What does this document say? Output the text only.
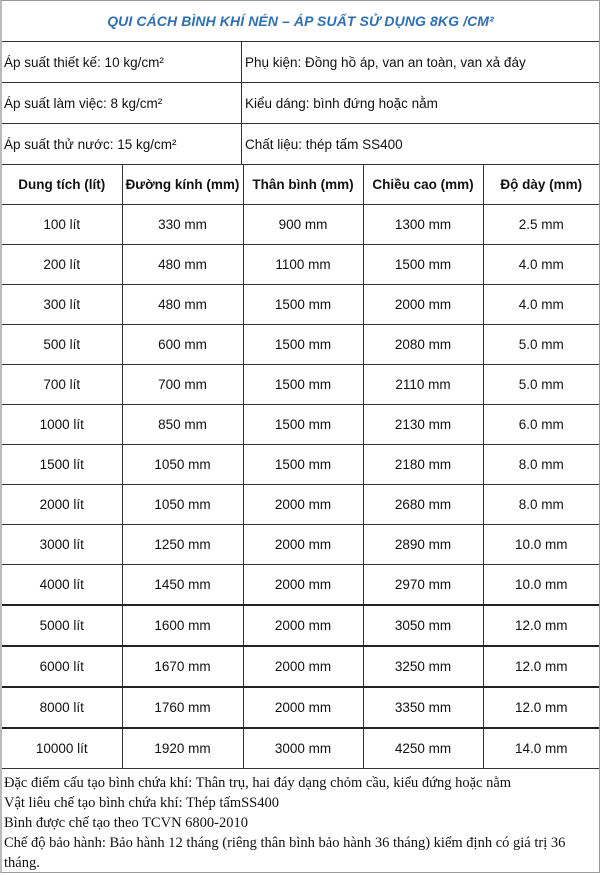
QUI CÁCH BÌNH KHÍ NÉN – ÁP SUẤT SỬ DỤNG 8KG /CM²
Áp suất thiết kế: 10 kg/cm²	Phụ kiện: Đồng hồ áp, van an toàn, van xả đáy
Áp suất làm việc: 8 kg/cm²	Kiểu dáng: bình đứng hoặc nằm
Áp suất thử nước: 15 kg/cm²	Chất liệu: thép tấm SS400
Dung tích (lít)	Đường kính (mm)	Thân bình (mm)	Chiều cao (mm)	Độ dày (mm)
100 lít	330 mm	900 mm	1300 mm	2.5 mm
200 lít	480 mm	1100 mm	1500 mm	4.0 mm
300 lít	480 mm	1500 mm	2000 mm	4.0 mm
500 lít	600 mm	1500 mm	2080 mm	5.0 mm
700 lít	700 mm	1500 mm	2110 mm	5.0 mm
1000 lít	850 mm	1500 mm	2130 mm	6.0 mm
1500 lít	1050 mm	1500 mm	2180 mm	8.0 mm
2000 lít	1050 mm	2000 mm	2680 mm	8.0 mm
3000 lít	1250 mm	2000 mm	2890 mm	10.0 mm
4000 lít	1450 mm	2000 mm	2970 mm	10.0 mm
5000 lít	1600 mm	2000 mm	3050 mm	12.0 mm
6000 lít	1670 mm	2000 mm	3250 mm	12.0 mm
8000 lít	1760 mm	2000 mm	3350 mm	12.0 mm
10000 lít	1920 mm	3000 mm	4250 mm	14.0 mm
Đặc điểm cấu tạo bình chứa khí: Thân trụ, hai đáy dạng chỏm cầu, kiểu đứng hoặc nằm
Vật liêu chế tạo bình chứa khí: Thép tấmSS400
Bình được chế tạo theo TCVN 6800-2010
Chế độ bảo hành: Bảo hành 12 tháng (riêng thân bình bảo hành 36 tháng) kiểm định có giá trị 36 tháng.
